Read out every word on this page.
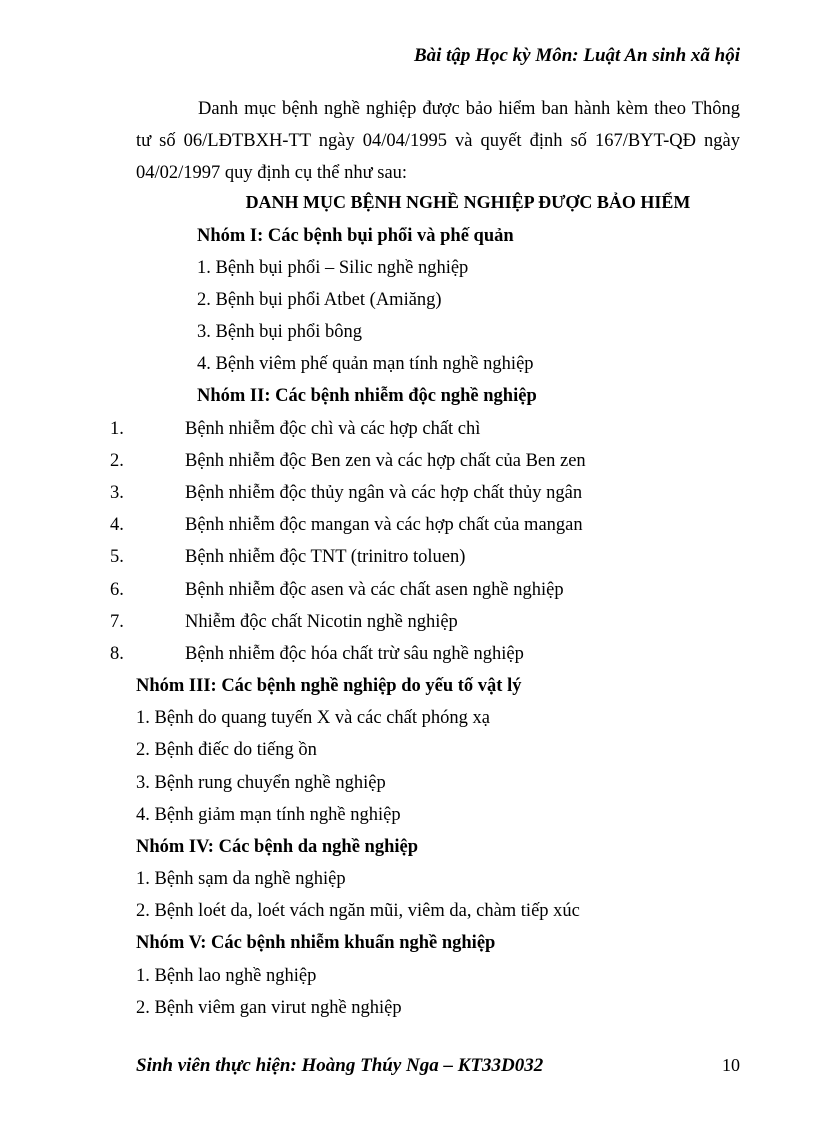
Bài tập Học kỳ Môn: Luật An sinh xã hội
Danh mục bệnh nghề nghiệp được bảo hiểm ban hành kèm theo Thông tư số 06/LĐTBXH-TT ngày 04/04/1995 và quyết định số 167/BYT-QĐ ngày 04/02/1997 quy định cụ thể như sau:
DANH MỤC BỆNH NGHỀ NGHIỆP ĐƯỢC BẢO HIỂM
Nhóm I: Các bệnh bụi phổi và phế quản
1. Bệnh bụi phổi – Silic nghề nghiệp
2. Bệnh bụi phổi Atbet (Amiăng)
3. Bệnh bụi phổi bông
4. Bệnh viêm phế quản mạn tính nghề nghiệp
Nhóm II: Các bệnh nhiễm độc nghề nghiệp
1.	Bệnh nhiễm độc chì và các hợp chất chì
2.	Bệnh nhiễm độc Ben zen và các hợp chất của Ben zen
3.	Bệnh nhiễm độc thủy ngân và các hợp chất thủy ngân
4.	Bệnh nhiễm độc mangan và các hợp chất của mangan
5.	Bệnh nhiễm độc TNT (trinitro toluen)
6.	Bệnh nhiễm độc asen và các chất asen nghề nghiệp
7.	Nhiễm độc chất Nicotin nghề nghiệp
8.	Bệnh nhiễm độc hóa chất trừ sâu nghề nghiệp
Nhóm III: Các bệnh nghề nghiệp do yếu tố vật lý
1. Bệnh do quang tuyến X và các chất phóng xạ
2. Bệnh điếc do tiếng ồn
3. Bệnh rung chuyển nghề nghiệp
4. Bệnh giảm mạn tính nghề nghiệp
Nhóm IV: Các bệnh da nghề nghiệp
1. Bệnh sạm da nghề nghiệp
2. Bệnh loét da, loét vách ngăn mũi, viêm da, chàm tiếp xúc
Nhóm V: Các bệnh nhiễm khuẩn nghề nghiệp
1. Bệnh lao nghề nghiệp
2. Bệnh viêm gan virut nghề nghiệp
Sinh viên thực hiện: Hoàng Thúy Nga – KT33D032	10
